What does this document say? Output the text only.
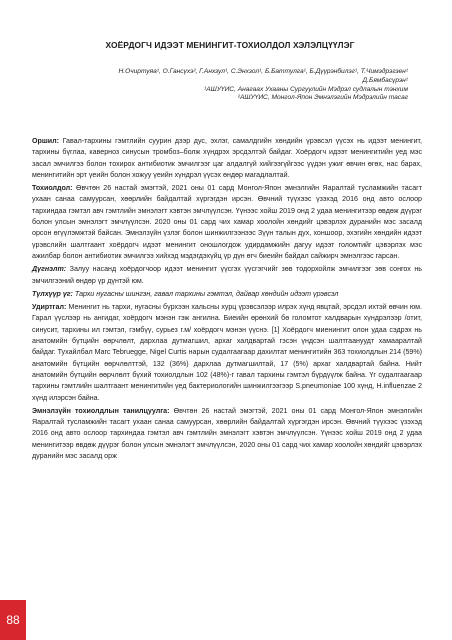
ХОЁРДОГЧ ИДЭЭТ МЕНИНГИТ-ТОХИОЛДОЛ ХЭЛЭЛЦҮҮЛЭГ
Н.Очиртуяа¹, О.Гансүхэ², Г.Анхзул¹, С.Энхзол¹, Б.Баттулга¹, Б.Дүүрэнбилэг¹, Т.Чимэдрэгзен¹
Д.Бямбасүрэн¹
¹АШУҮИС, Анагаах Ухааны Сургуулийн Мэдрэл судлалын тэнхим
²АШУҮИС, Монгол-Япон Эмнэлэгийн Мэдрэлийн тасаг

Оршил: Гавал-тархины гэмтлийн суурин дээр дус, эхлэг, самалдгийн хөндийн үрэвсэл үүсэх нь идээт менингит, тархины бүглаа, каверноз синусын тромбоз–болж хүндрэх эрсдэлтэй байдаг. Хоёрдогч идээт менингитийн уед мэс засал эмчилгээ болон тохирох антибиотик эмчилгээг цаг алдалгүй хийгээгүйгээс үүдэн ужиг өвчин өгөх, нас барах, менингитийн эрт үеийн болон хожуу үеийн хүндрэл үүсэх өндөр магадлалтай.

Тохиолдол: Өвчтөн 26 настай эмэгтэй, 2021 оны 01 сард Монгол-Япон эмнэлгийн Яаралтай тусламжийн тасагт ухаан санаа самуурсан, хөөрлийн байдалтай хүргэгдэн ирсэн. Өвчний түүхээс үзэхэд 2016 онд авто ослоор тархиндаа гэмтэл авч гэмтлийн эмнэлэгт хэвтэн эмчлүүлсэн. Үүнээс хойш 2019 онд 2 удаа менингитээр өвдөж дүүрэг болон улсын эмнэлэгт эмчлүүлсэн. 2020 оны 01 сард чих хамар хоолойн хөндийг цэвэрлэх дуранийн мэс засалд орсон өгүүлэмжтэй байсан. Эмнэлзүйн үзлэг болон шинжилгээнээс Зүүн талын дух, хоншоор, эхэгийн хөндийн идээт үрэвслийн шалтгаант хоёрдогч идээт менингит оношлогдож удирдамжийн дагуу идээт голомтийг цэвэрлэх мэс ажилбар болон антибиотик эмчилгээ хийхэд мэдэгдэхүйц үр дүн өгч биеийн байдал сайжирч эмнэлгээс гарсан.

Дүгнэлт: Залуу насанд хоёрдогчоор идээт менингит үүсгэх үүсгэгчийг зөв тодорхойлж эмчилгээг зөв сонгох нь эмчилгээний өндөр үр дүнтэй юм.

Түлхүүр үг: Тархи нугасны шингэн, гавал тархины гэмтэл, дайвар хөндийн идээт үрэвсэл

Удиртгал: Менингит нь тархи, нугасны бүрхээн хальсны хурц үрэвсэлээр илрэх хүнд явцтай, эрсдэл ихтэй өвчин юм. Гарал үүслээр нь ангидаг, хоёрдогч мэнэн гэж ангилна. Биеийн өрөнхий бө голомтот халдварын хүндрэлээр /отит, синусит, тархины ил гэмтэл, гэмбүү, сурьез г.м/ хоёрдогч мэнэн үүснэ. [1] Хоёрдогч миенингит олон удаа сэдрэх нь анатомийн бүтцийн өөрчлөлт, дархлаа дутмагшил, архаг халдвартай гэсэн үндсэн шалтгаануудт хамааралтай байдаг. Тухайлбал Marc Tebruegge, Nigel Curtis нарын судалгаагаар дахилтат менингитийн 363 тохиолдлын 214 (59%) анатомийн бүтцийн өөрчлөлттэй, 132 (36%) дархлаа дутмагшилтай, 17 (5%) архаг халдвартай байна. Нийт анатомийн бүтцийн өөрчлөлт бүхий тохиолдлын 102 (48%)-г гавал тархины гэмтэл бүрдүүлж байна. Үг судалгаагаар тархины гэмтлийн шалтгаант менингитийн үед бактериологийн шинжилгээгээр S.pneumoniae 100 хүнд, H.influenzae 2 хүнд илэрсэн байна.

Эмнэлзүйн тохиолдлын танилцуулга: Өвчтөн 26 настай эмэгтэй, 2021 оны 01 сард Монгол-Япон эмнэлгийн Яаралтай тусламжийн тасагт ухаан санаа самуурсан, хөөрлийн байдалтай хүргэгдэн ирсэн. Өвчний түүхээс үзэхэд 2016 онд авто ослоор тархиндаа гэмтэл авч гэмтлийн эмнэлэгт хэвтэн эмчлүүлсэн. Үүнээс хойш 2019 онд 2 удаа менингитээр өвдөж дүүрэг болон улсын эмнэлэгт эмчлүүлсэн, 2020 оны 01 сард чих хамар хоолойн хөндийг цэвэрлэх дуранийн мэс засалд орж

88
